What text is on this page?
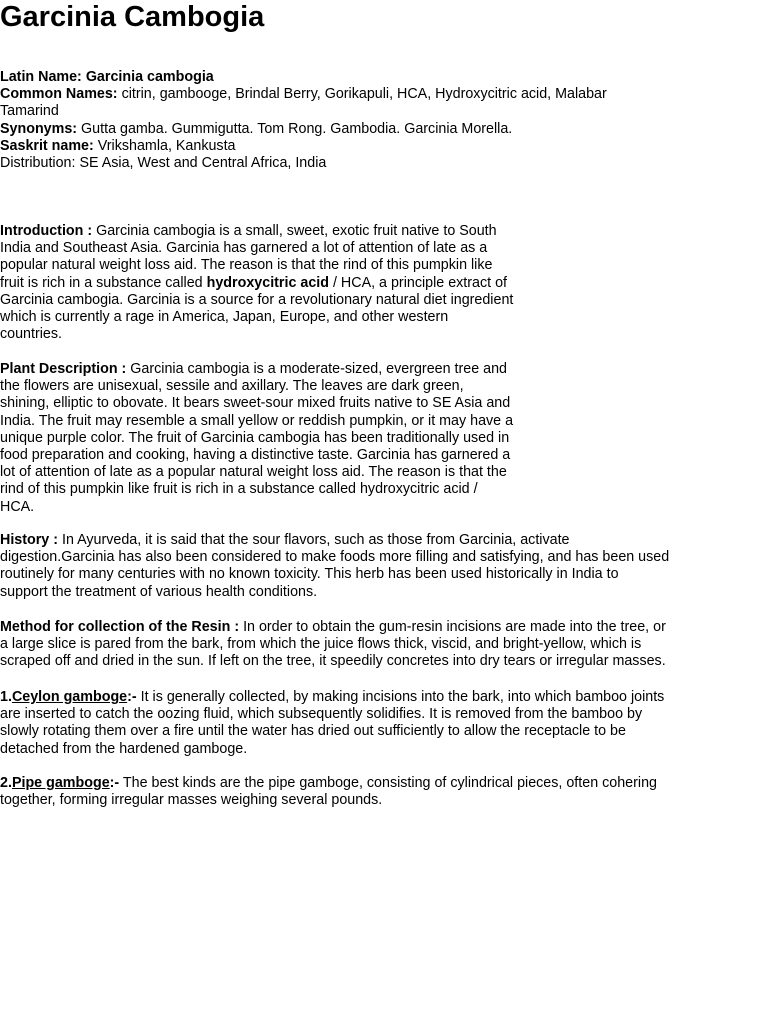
Garcinia Cambogia
Latin Name: Garcinia cambogia
Common Names: citrin, gambooge, Brindal Berry, Gorikapuli, HCA, Hydroxycitric acid, Malabar
Tamarind
Synonyms: Gutta gamba. Gummigutta. Tom Rong. Gambodia. Garcinia Morella.
Saskrit name: Vrikshamla, Kankusta
Distribution: SE Asia, West and Central Africa, India
Introduction : Garcinia cambogia is a small, sweet, exotic fruit native to South
India and Southeast Asia. Garcinia has garnered a lot of attention of late as a
popular natural weight loss aid. The reason is that the rind of this pumpkin like
fruit is rich in a substance called hydroxycitric acid / HCA, a principle extract of
Garcinia cambogia. Garcinia is a source for a revolutionary natural diet ingredient
which is currently a rage in America, Japan, Europe, and other western
countries.
Plant Description : Garcinia cambogia is a moderate-sized, evergreen tree and
the flowers are unisexual, sessile and axillary. The leaves are dark green,
shining, elliptic to obovate. It bears sweet-sour mixed fruits native to SE Asia and
India. The fruit may resemble a small yellow or reddish pumpkin, or it may have a
unique purple color. The fruit of Garcinia cambogia has been traditionally used in
food preparation and cooking, having a distinctive taste. Garcinia has garnered a
lot of attention of late as a popular natural weight loss aid. The reason is that the
rind of this pumpkin like fruit is rich in a substance called hydroxycitric acid /
HCA.
History : In Ayurveda, it is said that the sour flavors, such as those from Garcinia, activate
digestion.Garcinia has also been considered to make foods more filling and satisfying, and has been used
routinely for many centuries with no known toxicity. This herb has been used historically in India to
support the treatment of various health conditions.
Method for collection of the Resin : In order to obtain the gum-resin incisions are made into the tree, or
a large slice is pared from the bark, from which the juice flows thick, viscid, and bright-yellow, which is
scraped off and dried in the sun. If left on the tree, it speedily concretes into dry tears or irregular masses.
1.Ceylon gamboge:- It is generally collected, by making incisions into the bark, into which bamboo joints
are inserted to catch the oozing fluid, which subsequently solidifies. It is removed from the bamboo by
slowly rotating them over a fire until the water has dried out sufficiently to allow the receptacle to be
detached from the hardened gamboge.
2.Pipe gamboge:- The best kinds are the pipe gamboge, consisting of cylindrical pieces, often cohering
together, forming irregular masses weighing several pounds.
